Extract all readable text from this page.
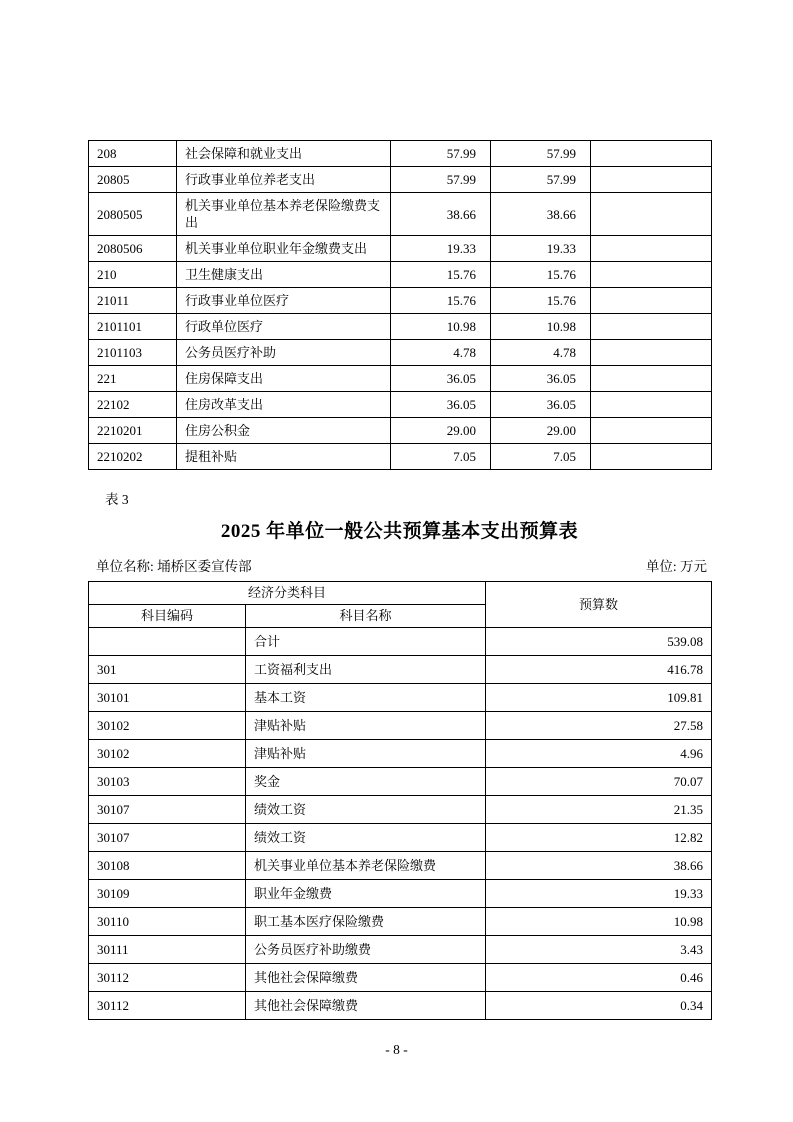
208	社会保障和就业支出	57.99	57.99	
20805	行政事业单位养老支出	57.99	57.99	
2080505	机关事业单位基本养老保险缴费支出	38.66	38.66	
2080506	机关事业单位职业年金缴费支出	19.33	19.33	
210	卫生健康支出	15.76	15.76	
21011	行政事业单位医疗	15.76	15.76	
2101101	行政单位医疗	10.98	10.98	
2101103	公务员医疗补助	4.78	4.78	
221	住房保障支出	36.05	36.05	
22102	住房改革支出	36.05	36.05	
2210201	住房公积金	29.00	29.00	
2210202	提租补贴	7.05	7.05	
表 3
2025 年单位一般公共预算基本支出预算表
单位名称: 埇桥区委宣传部	单位: 万元
经济分类科目		预算数
科目编码	科目名称	
	合计	539.08
301	工资福利支出	416.78
30101	基本工资	109.81
30102	津贴补贴	27.58
30102	津贴补贴	4.96
30103	奖金	70.07
30107	绩效工资	21.35
30107	绩效工资	12.82
30108	机关事业单位基本养老保险缴费	38.66
30109	职业年金缴费	19.33
30110	职工基本医疗保险缴费	10.98
30111	公务员医疗补助缴费	3.43
30112	其他社会保障缴费	0.46
30112	其他社会保障缴费	0.34
- 8 -
